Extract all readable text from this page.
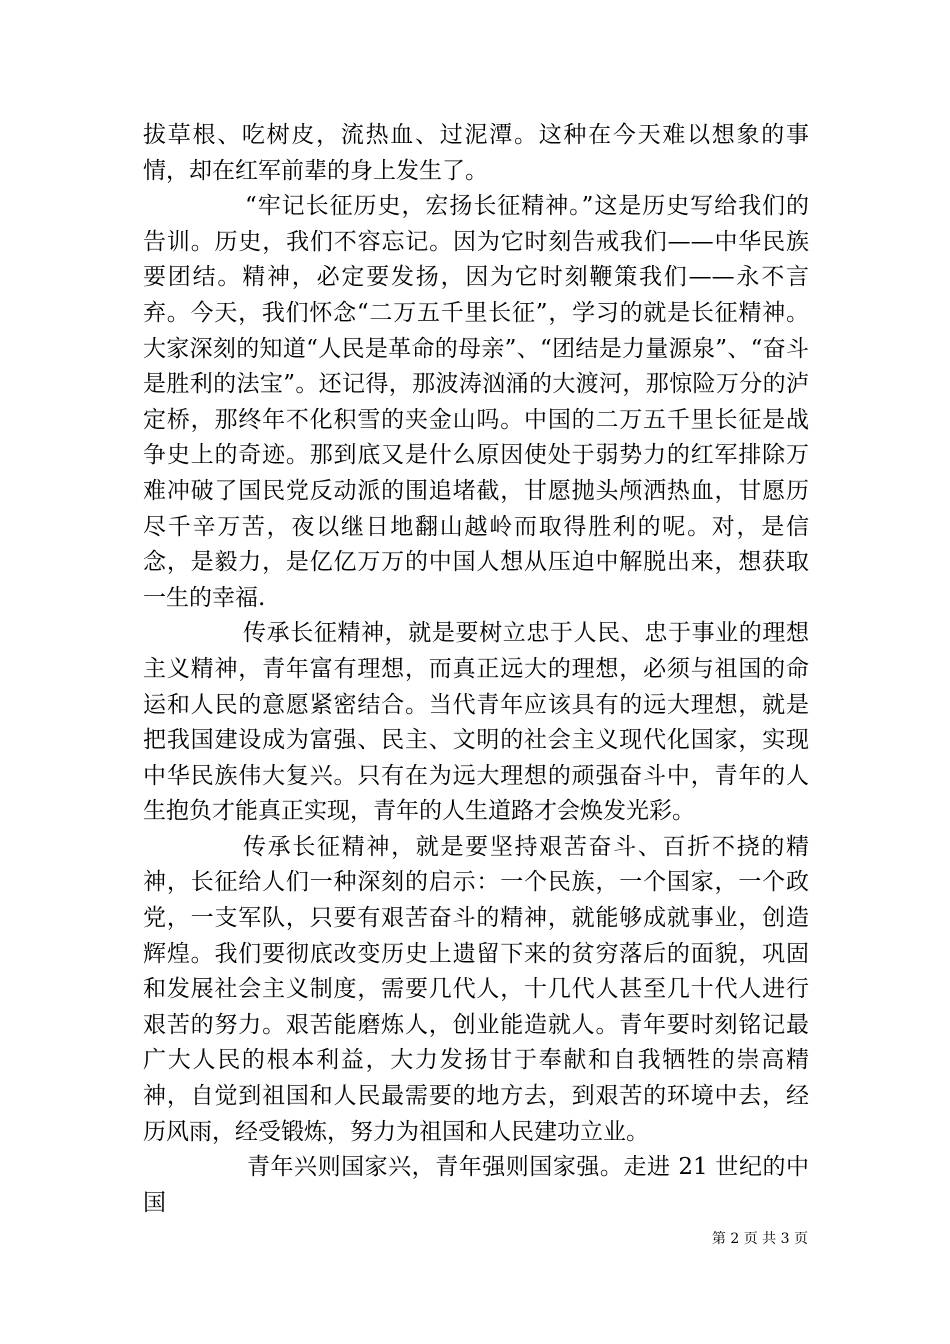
拔草根、吃树皮，流热血、过泥潭。这种在今天难以想象的事情，却在红军前辈的身上发生了。

“牢记长征历史，宏扬长征精神。”这是历史写给我们的告训。历史，我们不容忘记。因为它时刻告戒我们——中华民族要团结。精神，必定要发扬，因为它时刻鞭策我们——永不言弃。今天，我们怀念“二万五千里长征”，学习的就是长征精神。大家深刻的知道“人民是革命的母亲”、“团结是力量源泉”、“奋斗是胜利的法宝”。还记得，那波涛汹涌的大渡河，那惊险万分的泸定桥，那终年不化积雪的夹金山吗。中国的二万五千里长征是战争史上的奇迹。那到底又是什么原因使处于弱势力的红军排除万难冲破了国民党反动派的围追堵截，甘愿抛头颅洒热血，甘愿历尽千辛万苦，夜以继日地翻山越岭而取得胜利的呢。对，是信念，是毅力，是亿亿万万的中国人想从压迫中解脱出来，想获取一生的幸福.

传承长征精神，就是要树立忠于人民、忠于事业的理想主义精神，青年富有理想，而真正远大的理想，必须与祖国的命运和人民的意愿紧密结合。当代青年应该具有的远大理想，就是把我国建设成为富强、民主、文明的社会主义现代化国家，实现中华民族伟大复兴。只有在为远大理想的顽强奋斗中，青年的人生抱负才能真正实现，青年的人生道路才会焕发光彩。

传承长征精神，就是要坚持艰苦奋斗、百折不挠的精神，长征给人们一种深刻的启示：一个民族，一个国家，一个政党，一支军队，只要有艰苦奋斗的精神，就能够成就事业，创造辉煌。我们要彻底改变历史上遗留下来的贫穷落后的面貌，巩固和发展社会主义制度，需要几代人，十几代人甚至几十代人进行艰苦的努力。艰苦能磨炼人，创业能造就人。青年要时刻铭记最广大人民的根本利益，大力发扬甘于奉献和自我牺牲的崇高精神，自觉到祖国和人民最需要的地方去，到艰苦的环境中去，经历风雨，经受锻炼，努力为祖国和人民建功立业。

青年兴则国家兴，青年强则国家强。走进 21 世纪的中国

第 2 页 共 3 页
